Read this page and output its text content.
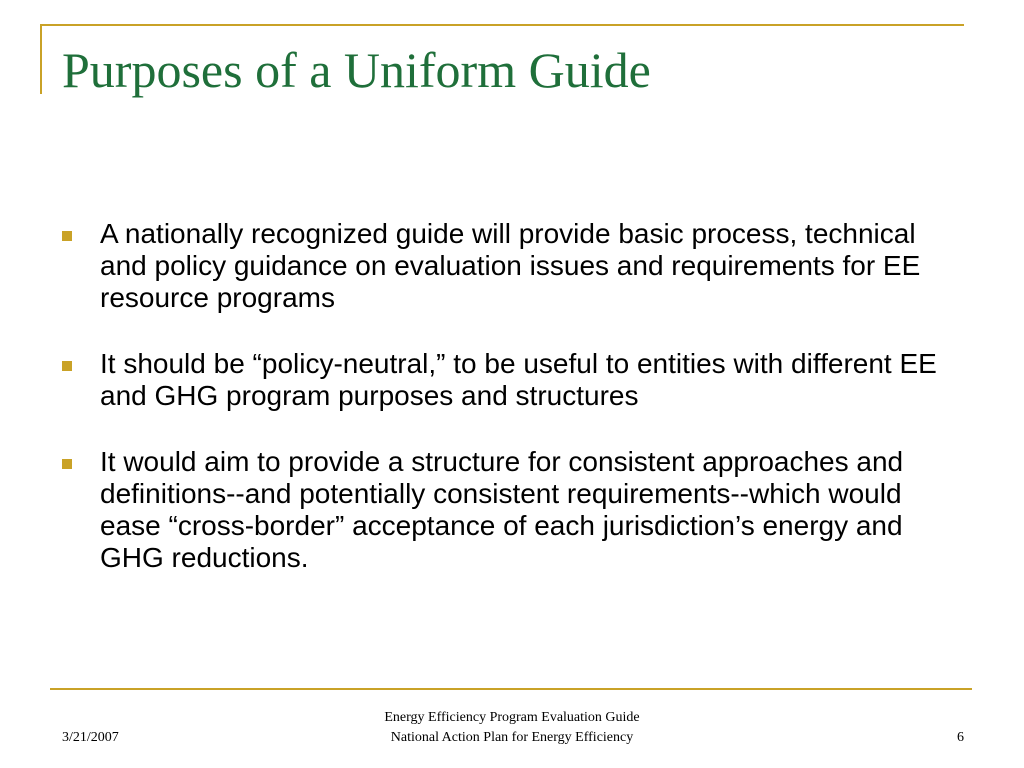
Purposes of a Uniform Guide
A nationally recognized guide will provide basic process, technical and policy guidance on evaluation issues and requirements for EE resource programs
It should be “policy-neutral,” to be useful to entities with different EE and GHG program purposes and structures
It would aim to provide a structure for consistent approaches and definitions--and potentially consistent requirements--which would ease “cross-border” acceptance of each jurisdiction’s energy and GHG reductions.
3/21/2007
Energy Efficiency Program Evaluation Guide
National Action Plan for Energy Efficiency	6
